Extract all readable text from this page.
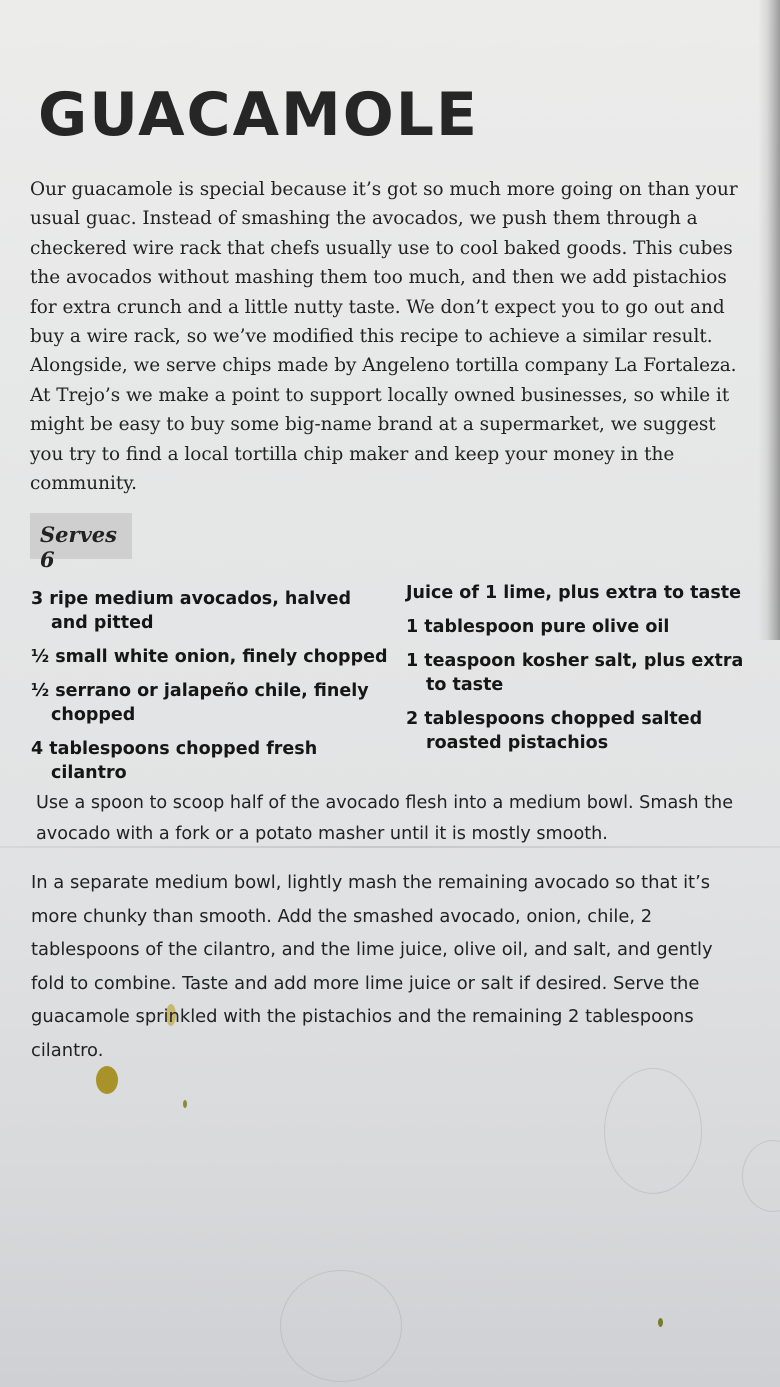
GUACAMOLE

Our guacamole is special because it’s got so much more going on than your usual guac. Instead of smashing the avocados, we push them through a checkered wire rack that chefs usually use to cool baked goods. This cubes the avocados without mashing them too much, and then we add pistachios for extra crunch and a little nutty taste. We don’t expect you to go out and buy a wire rack, so we’ve modified this recipe to achieve a similar result. Alongside, we serve chips made by Angeleno tortilla company La Fortaleza. At Trejo’s we make a point to support locally owned businesses, so while it might be easy to buy some big-name brand at a supermarket, we suggest you try to find a local tortilla chip maker and keep your money in the community.

Serves 6
3 ripe medium avocados, halved and pitted
½ small white onion, finely chopped
½ serrano or jalapeño chile, finely chopped
4 tablespoons chopped fresh cilantro
Juice of 1 lime, plus extra to taste
1 tablespoon pure olive oil
1 teaspoon kosher salt, plus extra to taste
2 tablespoons chopped salted roasted pistachios

Use a spoon to scoop half of the avocado flesh into a medium bowl. Smash the avocado with a fork or a potato masher until it is mostly smooth.

In a separate medium bowl, lightly mash the remaining avocado so that it’s more chunky than smooth. Add the smashed avocado, onion, chile, 2 tablespoons of the cilantro, and the lime juice, olive oil, and salt, and gently fold to combine. Taste and add more lime juice or salt if desired. Serve the guacamole sprinkled with the pistachios and the remaining 2 tablespoons cilantro.
